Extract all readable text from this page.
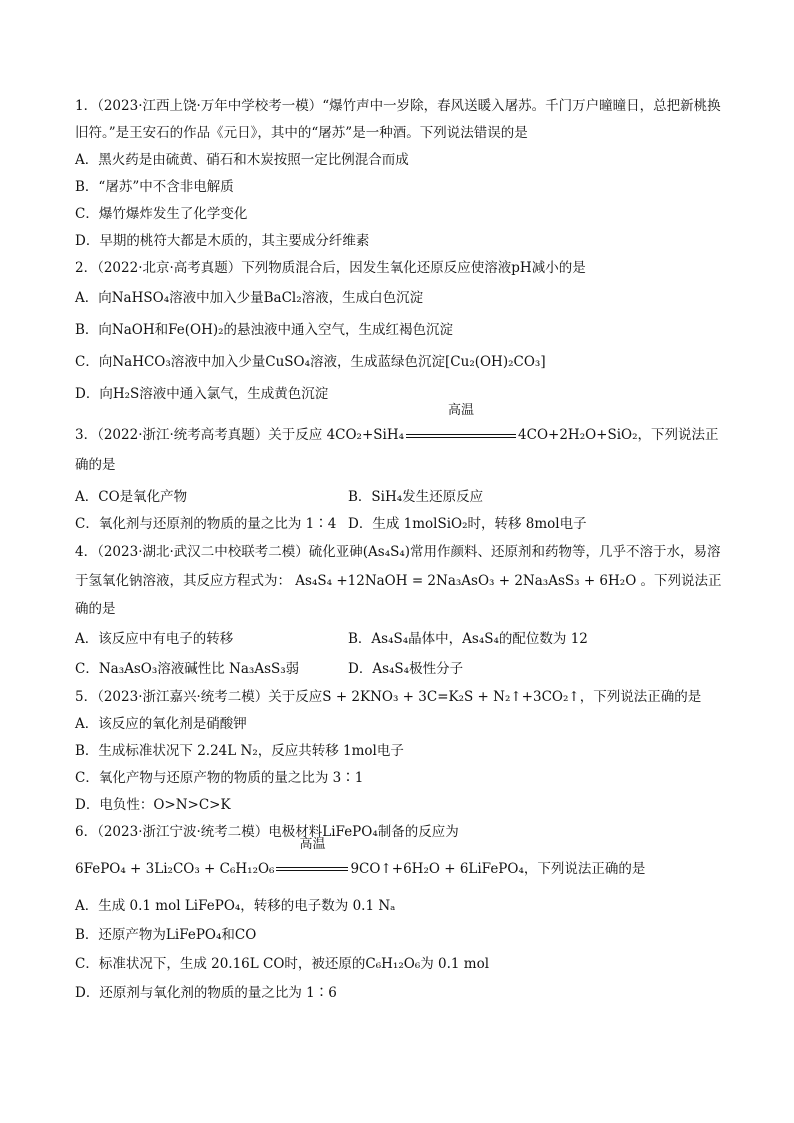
1．（2023·江西上饶·万年中学校考一模）“爆竹声中一岁除，春风送暖入屠苏。千门万户曈曈日，总把新桃换旧符。”是王安石的作品《元日》，其中的“屠苏”是一种酒。下列说法错误的是

A．黑火药是由硫黄、硝石和木炭按照一定比例混合而成

B．“屠苏”中不含非电解质

C．爆竹爆炸发生了化学变化

D．早期的桃符大都是木质的，其主要成分纤维素

2．（2022·北京·高考真题）下列物质混合后，因发生氧化还原反应使溶液pH减小的是

A．向NaHSO₄溶液中加入少量BaCl₂溶液，生成白色沉淀

B．向NaOH和Fe(OH)₂的悬浊液中通入空气，生成红褐色沉淀

C．向NaHCO₃溶液中加入少量CuSO₄溶液，生成蓝绿色沉淀[Cu₂(OH)₂CO₃]

D．向H₂S溶液中通入氯气，生成黄色沉淀

3．（2022·浙江·统考高考真题）关于反应 4CO₂+SiH₄
高温
4CO+2H₂O+SiO₂，下列说法正确的是

A．CO是氧化产物	B．SiH₄发生还原反应

C．氧化剂与还原剂的物质的量之比为 1∶4 D．生成 1molSiO₂时，转移 8mol电子

4．（2023·湖北·武汉二中校联考二模）硫化亚砷(As₄S₄)常用作颜料、还原剂和药物等，几乎不溶于水，易溶于氢氧化钠溶液，其反应方程式为： As₄S₄ +12NaOH = 2Na₃AsO₃ + 2Na₃AsS₃ + 6H₂O 。下列说法正确的是

A．该反应中有电子的转移	B．As₄S₄晶体中，As₄S₄的配位数为 12

C．Na₃AsO₃溶液碱性比 Na₃AsS₃弱	D．As₄S₄极性分子

5．（2023·浙江嘉兴·统考二模）关于反应S + 2KNO₃ + 3C=K₂S + N₂↑+3CO₂↑，下列说法正确的是

A．该反应的氧化剂是硝酸钾

B．生成标准状况下 2.24L N₂，反应共转移 1mol电子

C．氧化产物与还原产物的物质的量之比为 3∶1

D．电负性：O>N>C>K

6．（2023·浙江宁波·统考二模）电极材料LiFePO₄制备的反应为

6FePO₄ + 3Li₂CO₃ + C₆H₁₂O₆
高温
9CO↑+6H₂O + 6LiFePO₄，下列说法正确的是

A．生成 0.1 mol LiFePO₄，转移的电子数为 0.1 Nₐ

B．还原产物为LiFePO₄和CO

C．标准状况下，生成 20.16L CO时，被还原的C₆H₁₂O₆为 0.1 mol

D．还原剂与氧化剂的物质的量之比为 1∶6
